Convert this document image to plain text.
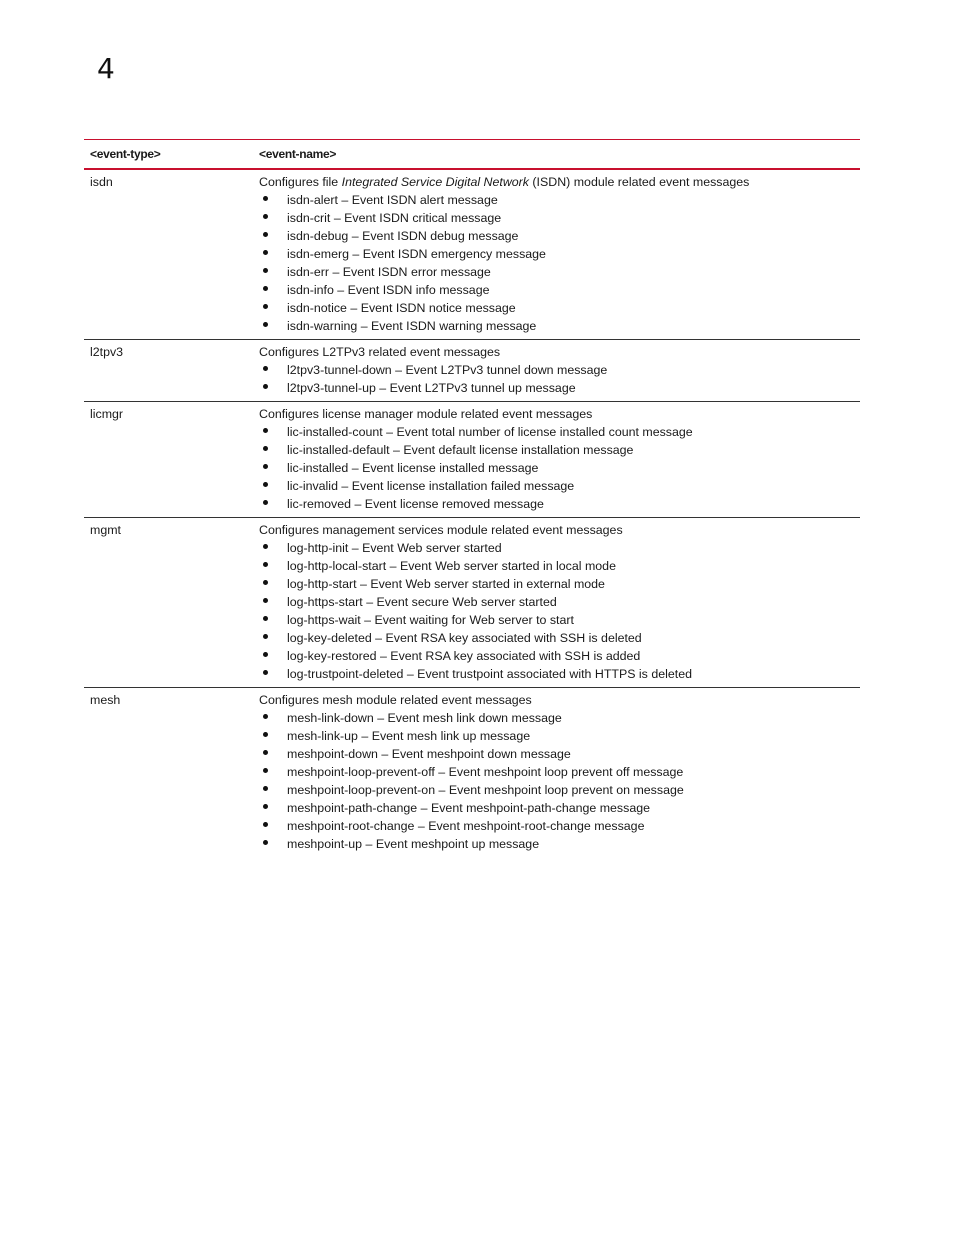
4
<event-type>	<event-name>
isdn	Configures file Integrated Service Digital Network (ISDN) module related event messages
isdn-alert – Event ISDN alert message
isdn-crit – Event ISDN critical message
isdn-debug – Event ISDN debug message
isdn-emerg – Event ISDN emergency message
isdn-err – Event ISDN error message
isdn-info – Event ISDN info message
isdn-notice – Event ISDN notice message
isdn-warning – Event ISDN warning message
l2tpv3	Configures L2TPv3 related event messages
l2tpv3-tunnel-down – Event L2TPv3 tunnel down message
l2tpv3-tunnel-up – Event L2TPv3 tunnel up message
licmgr	Configures license manager module related event messages
lic-installed-count – Event total number of license installed count message
lic-installed-default – Event default license installation message
lic-installed – Event license installed message
lic-invalid – Event license installation failed message
lic-removed – Event license removed message
mgmt	Configures management services module related event messages
log-http-init – Event Web server started
log-http-local-start – Event Web server started in local mode
log-http-start – Event Web server started in external mode
log-https-start – Event secure Web server started
log-https-wait – Event waiting for Web server to start
log-key-deleted – Event RSA key associated with SSH is deleted
log-key-restored – Event RSA key associated with SSH is added
log-trustpoint-deleted – Event trustpoint associated with HTTPS is deleted
mesh	Configures mesh module related event messages
mesh-link-down – Event mesh link down message
mesh-link-up – Event mesh link up message
meshpoint-down – Event meshpoint down message
meshpoint-loop-prevent-off – Event meshpoint loop prevent off message
meshpoint-loop-prevent-on – Event meshpoint loop prevent on message
meshpoint-path-change – Event meshpoint-path-change message
meshpoint-root-change – Event meshpoint-root-change message
meshpoint-up – Event meshpoint up message
